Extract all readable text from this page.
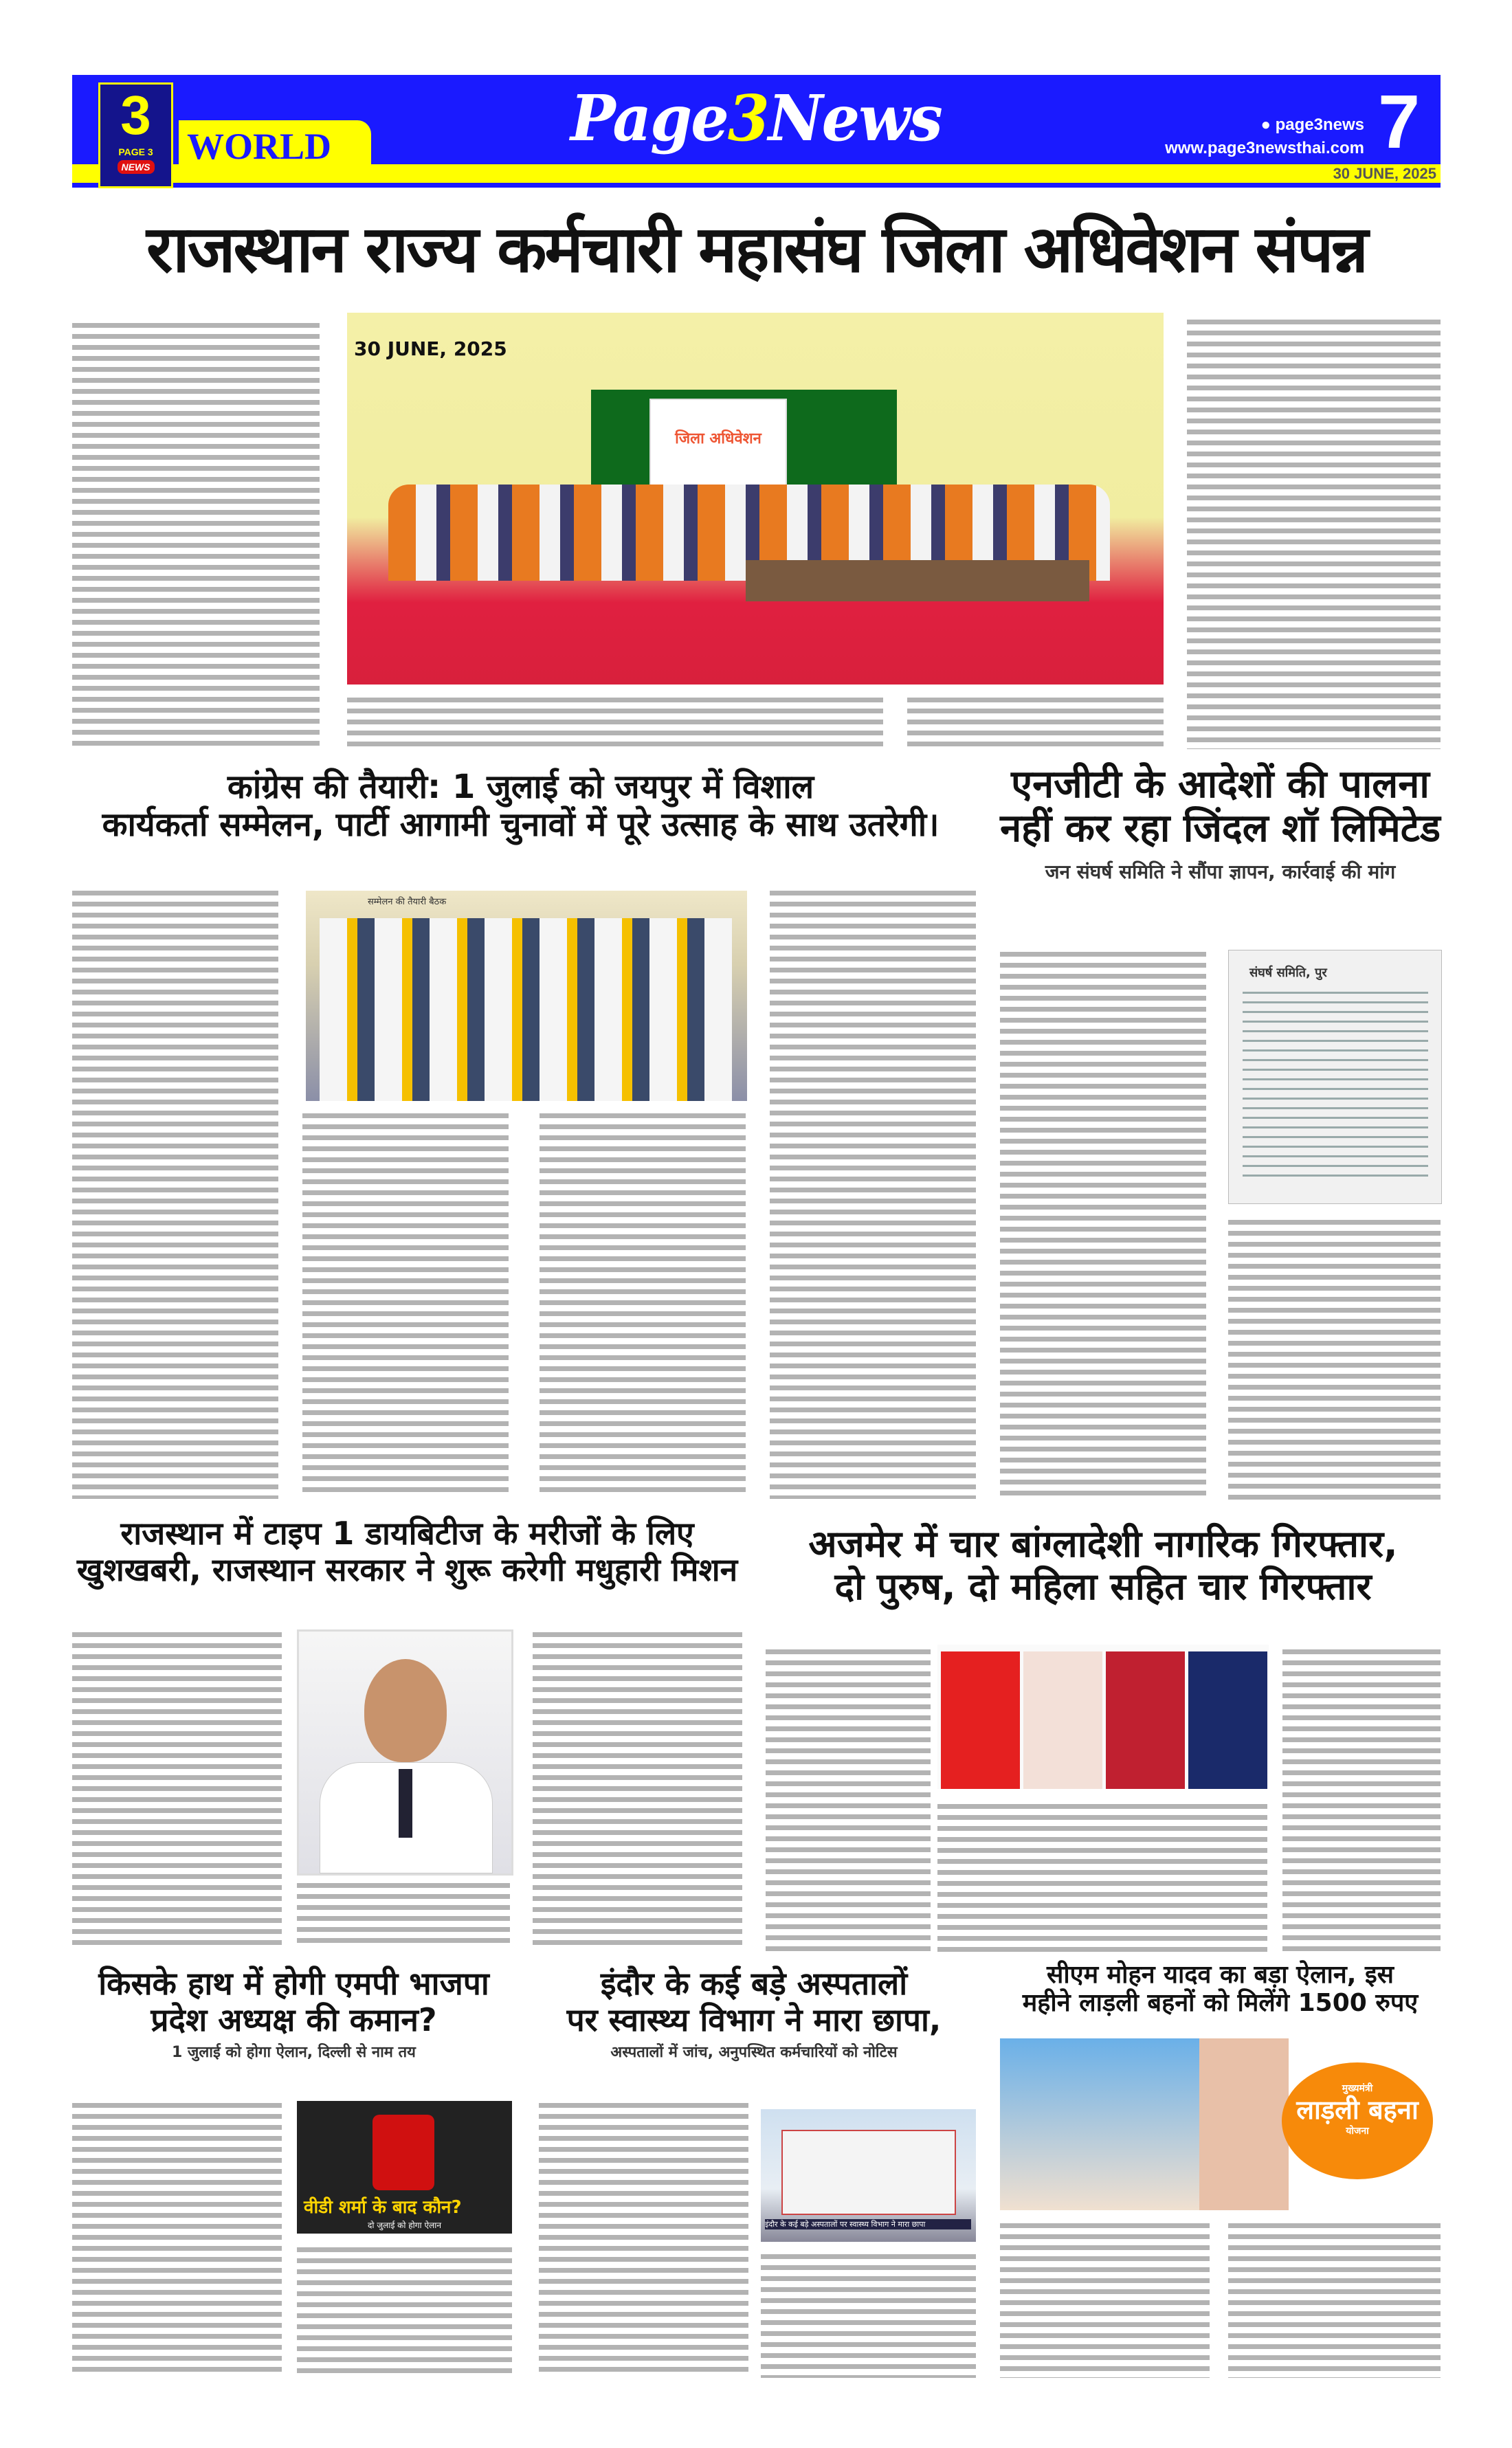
3
PAGE 3
NEWS WORLD	Page3News	● page3news
www.page3newsthai.com 7
30 JUNE, 2025
राजस्थान राज्य कर्मचारी महासंघ जिला अधिवेशन संपन्न
जिला अधिवेशन
30 JUNE, 2025
कांग्रेस की तैयारी: 1 जुलाई को जयपुर में विशाल
कार्यकर्ता सम्मेलन, पार्टी आगामी चुनावों में पूरे उत्साह के साथ उतरेगी।
सम्मेलन की तैयारी बैठक
एनजीटी के आदेशों की पालना
नहीं कर रहा जिंदल शॉ लिमिटेड
जन संघर्ष समिति ने सौंपा ज्ञापन, कार्रवाई की मांग
संघर्ष समिति, पुर
राजस्थान में टाइप 1 डायबिटीज के मरीजों के लिए
खुशखबरी, राजस्थान सरकार ने शुरू करेगी मधुहारी मिशन
अजमेर में चार बांग्लादेशी नागरिक गिरफ्तार,
दो पुरुष, दो महिला सहित चार गिरफ्तार
किसके हाथ में होगी एमपी भाजपा
प्रदेश अध्यक्ष की कमान?
1 जुलाई को होगा ऐलान, दिल्ली से नाम तय
वीडी शर्मा के बाद कौन?
दो जुलाई को होगा ऐलान
इंदौर के कई बड़े अस्पतालों
पर स्वास्थ्य विभाग ने मारा छापा,
अस्पतालों में जांच, अनुपस्थित कर्मचारियों को नोटिस
इंदौर के कई बड़े अस्पतालों पर स्वास्थ्य विभाग ने मारा छापा
सीएम मोहन यादव का बड़ा ऐलान, इस
महीने लाड़ली बहनों को मिलेंगे 1500 रुपए
मुख्यमंत्री
लाड़ली बहना
योजना
